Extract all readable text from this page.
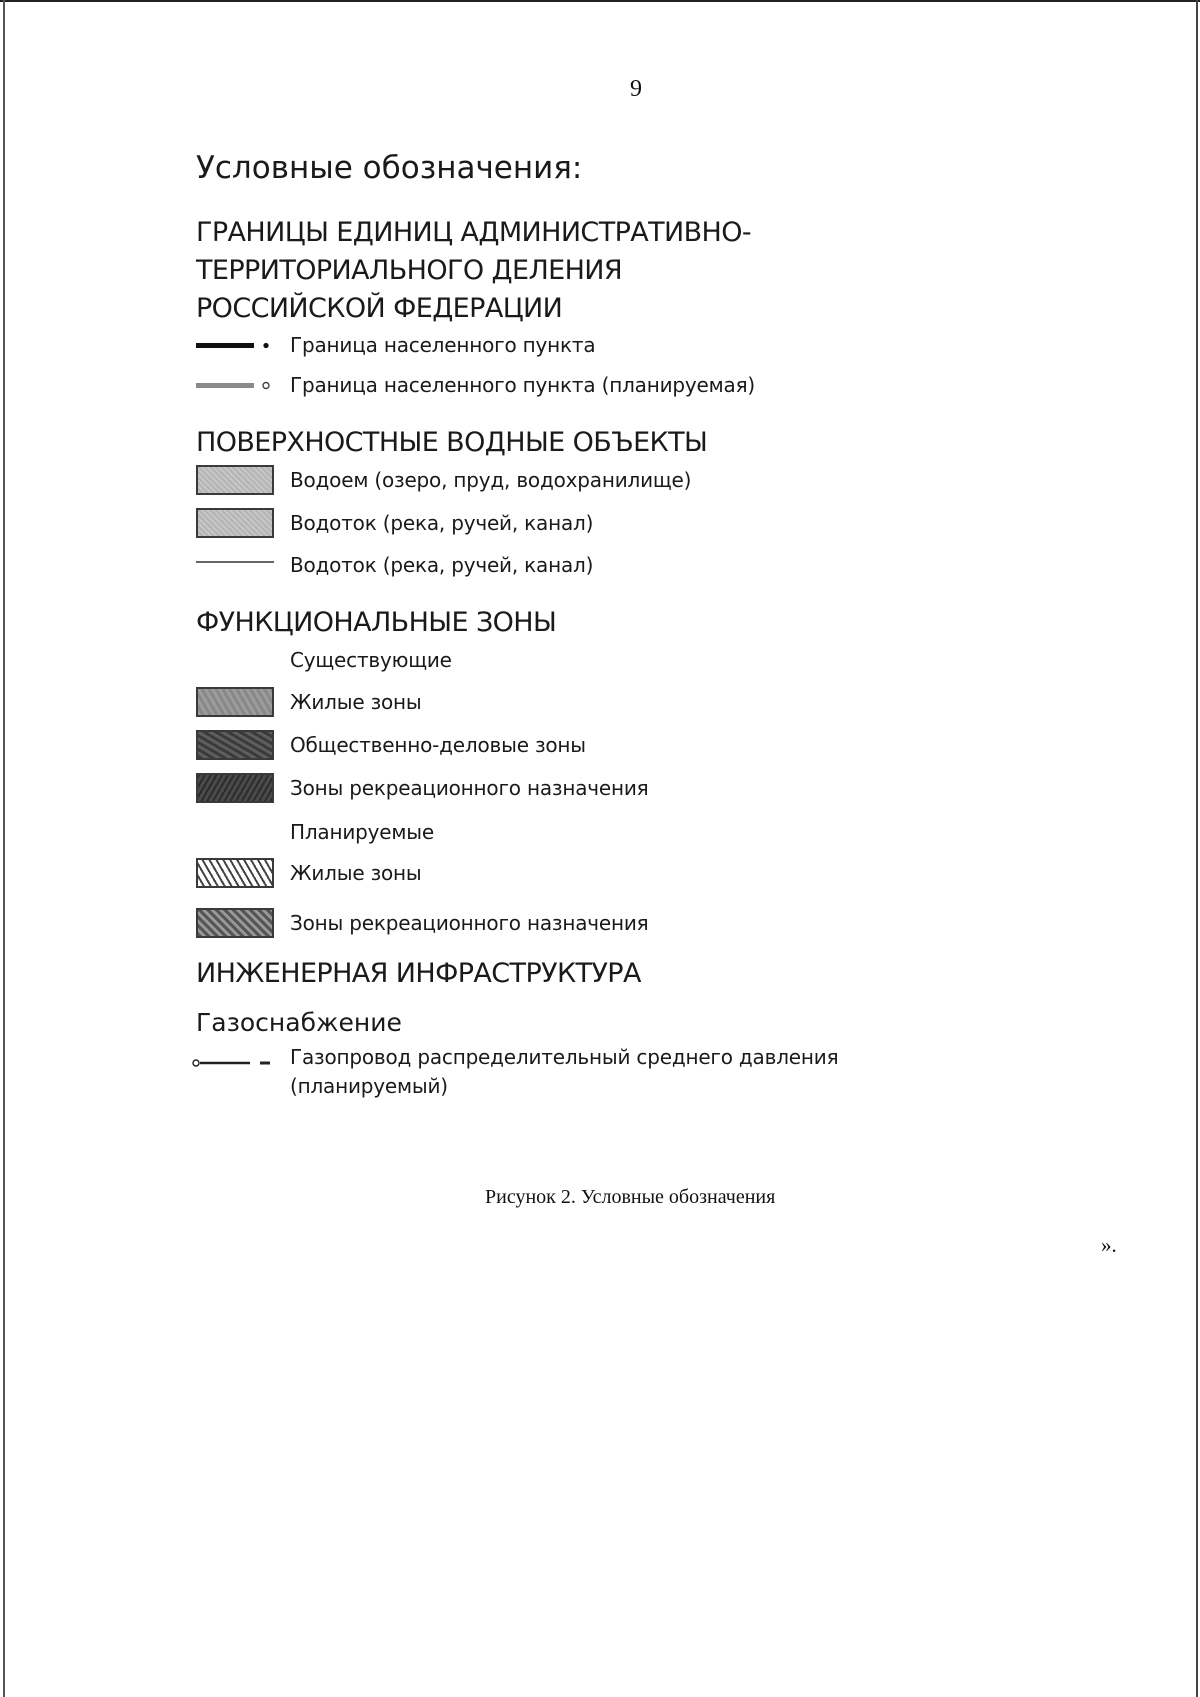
9
Условные обозначения:
ГРАНИЦЫ ЕДИНИЦ АДМИНИСТРАТИВНО-
ТЕРРИТОРИАЛЬНОГО ДЕЛЕНИЯ
РОССИЙСКОЙ ФЕДЕРАЦИИ
Граница населенного пункта
Граница населенного пункта (планируемая)
ПОВЕРХНОСТНЫЕ ВОДНЫЕ ОБЪЕКТЫ
Водоем (озеро, пруд, водохранилище)
Водоток (река, ручей, канал)
Водоток (река, ручей, канал)
ФУНКЦИОНАЛЬНЫЕ ЗОНЫ
Существующие
Жилые зоны
Общественно-деловые зоны
Зоны рекреационного назначения
Планируемые
Жилые зоны
Зоны рекреационного назначения
ИНЖЕНЕРНАЯ ИНФРАСТРУКТУРА
Газоснабжение
Газопровод распределительный среднего давления
(планируемый)
Рисунок 2. Условные обозначения
».
